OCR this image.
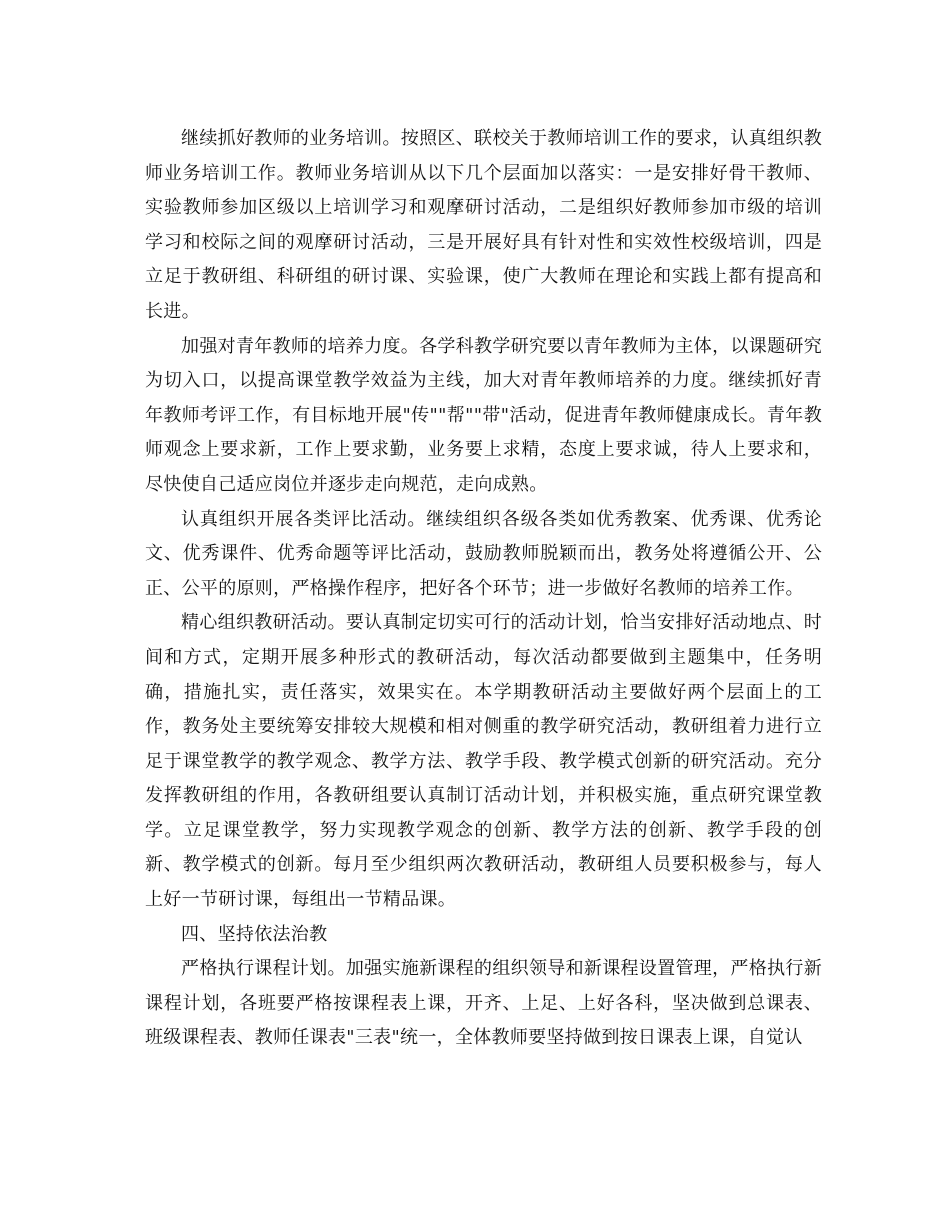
继续抓好教师的业务培训。按照区、联校关于教师培训工作的要求，认真组织教师业务培训工作。教师业务培训从以下几个层面加以落实：一是安排好骨干教师、实验教师参加区级以上培训学习和观摩研讨活动，二是组织好教师参加市级的培训学习和校际之间的观摩研讨活动，三是开展好具有针对性和实效性校级培训，四是立足于教研组、科研组的研讨课、实验课，使广大教师在理论和实践上都有提高和长进。

加强对青年教师的培养力度。各学科教学研究要以青年教师为主体，以课题研究为切入口，以提高课堂教学效益为主线，加大对青年教师培养的力度。继续抓好青年教师考评工作，有目标地开展"传""帮""带"活动，促进青年教师健康成长。青年教师观念上要求新，工作上要求勤，业务要上求精，态度上要求诚，待人上要求和，尽快使自己适应岗位并逐步走向规范，走向成熟。

认真组织开展各类评比活动。继续组织各级各类如优秀教案、优秀课、优秀论文、优秀课件、优秀命题等评比活动，鼓励教师脱颖而出，教务处将遵循公开、公正、公平的原则，严格操作程序，把好各个环节；进一步做好名教师的培养工作。

精心组织教研活动。要认真制定切实可行的活动计划，恰当安排好活动地点、时间和方式，定期开展多种形式的教研活动，每次活动都要做到主题集中，任务明确，措施扎实，责任落实，效果实在。本学期教研活动主要做好两个层面上的工作，教务处主要统筹安排较大规模和相对侧重的教学研究活动，教研组着力进行立足于课堂教学的教学观念、教学方法、教学手段、教学模式创新的研究活动。充分发挥教研组的作用，各教研组要认真制订活动计划，并积极实施，重点研究课堂教学。立足课堂教学，努力实现教学观念的创新、教学方法的创新、教学手段的创新、教学模式的创新。每月至少组织两次教研活动，教研组人员要积极参与，每人上好一节研讨课，每组出一节精品课。

四、坚持依法治教

严格执行课程计划。加强实施新课程的组织领导和新课程设置管理，严格执行新课程计划，各班要严格按课程表上课，开齐、上足、上好各科，坚决做到总课表、班级课程表、教师任课表"三表"统一，全体教师要坚持做到按日课表上课，自觉认
